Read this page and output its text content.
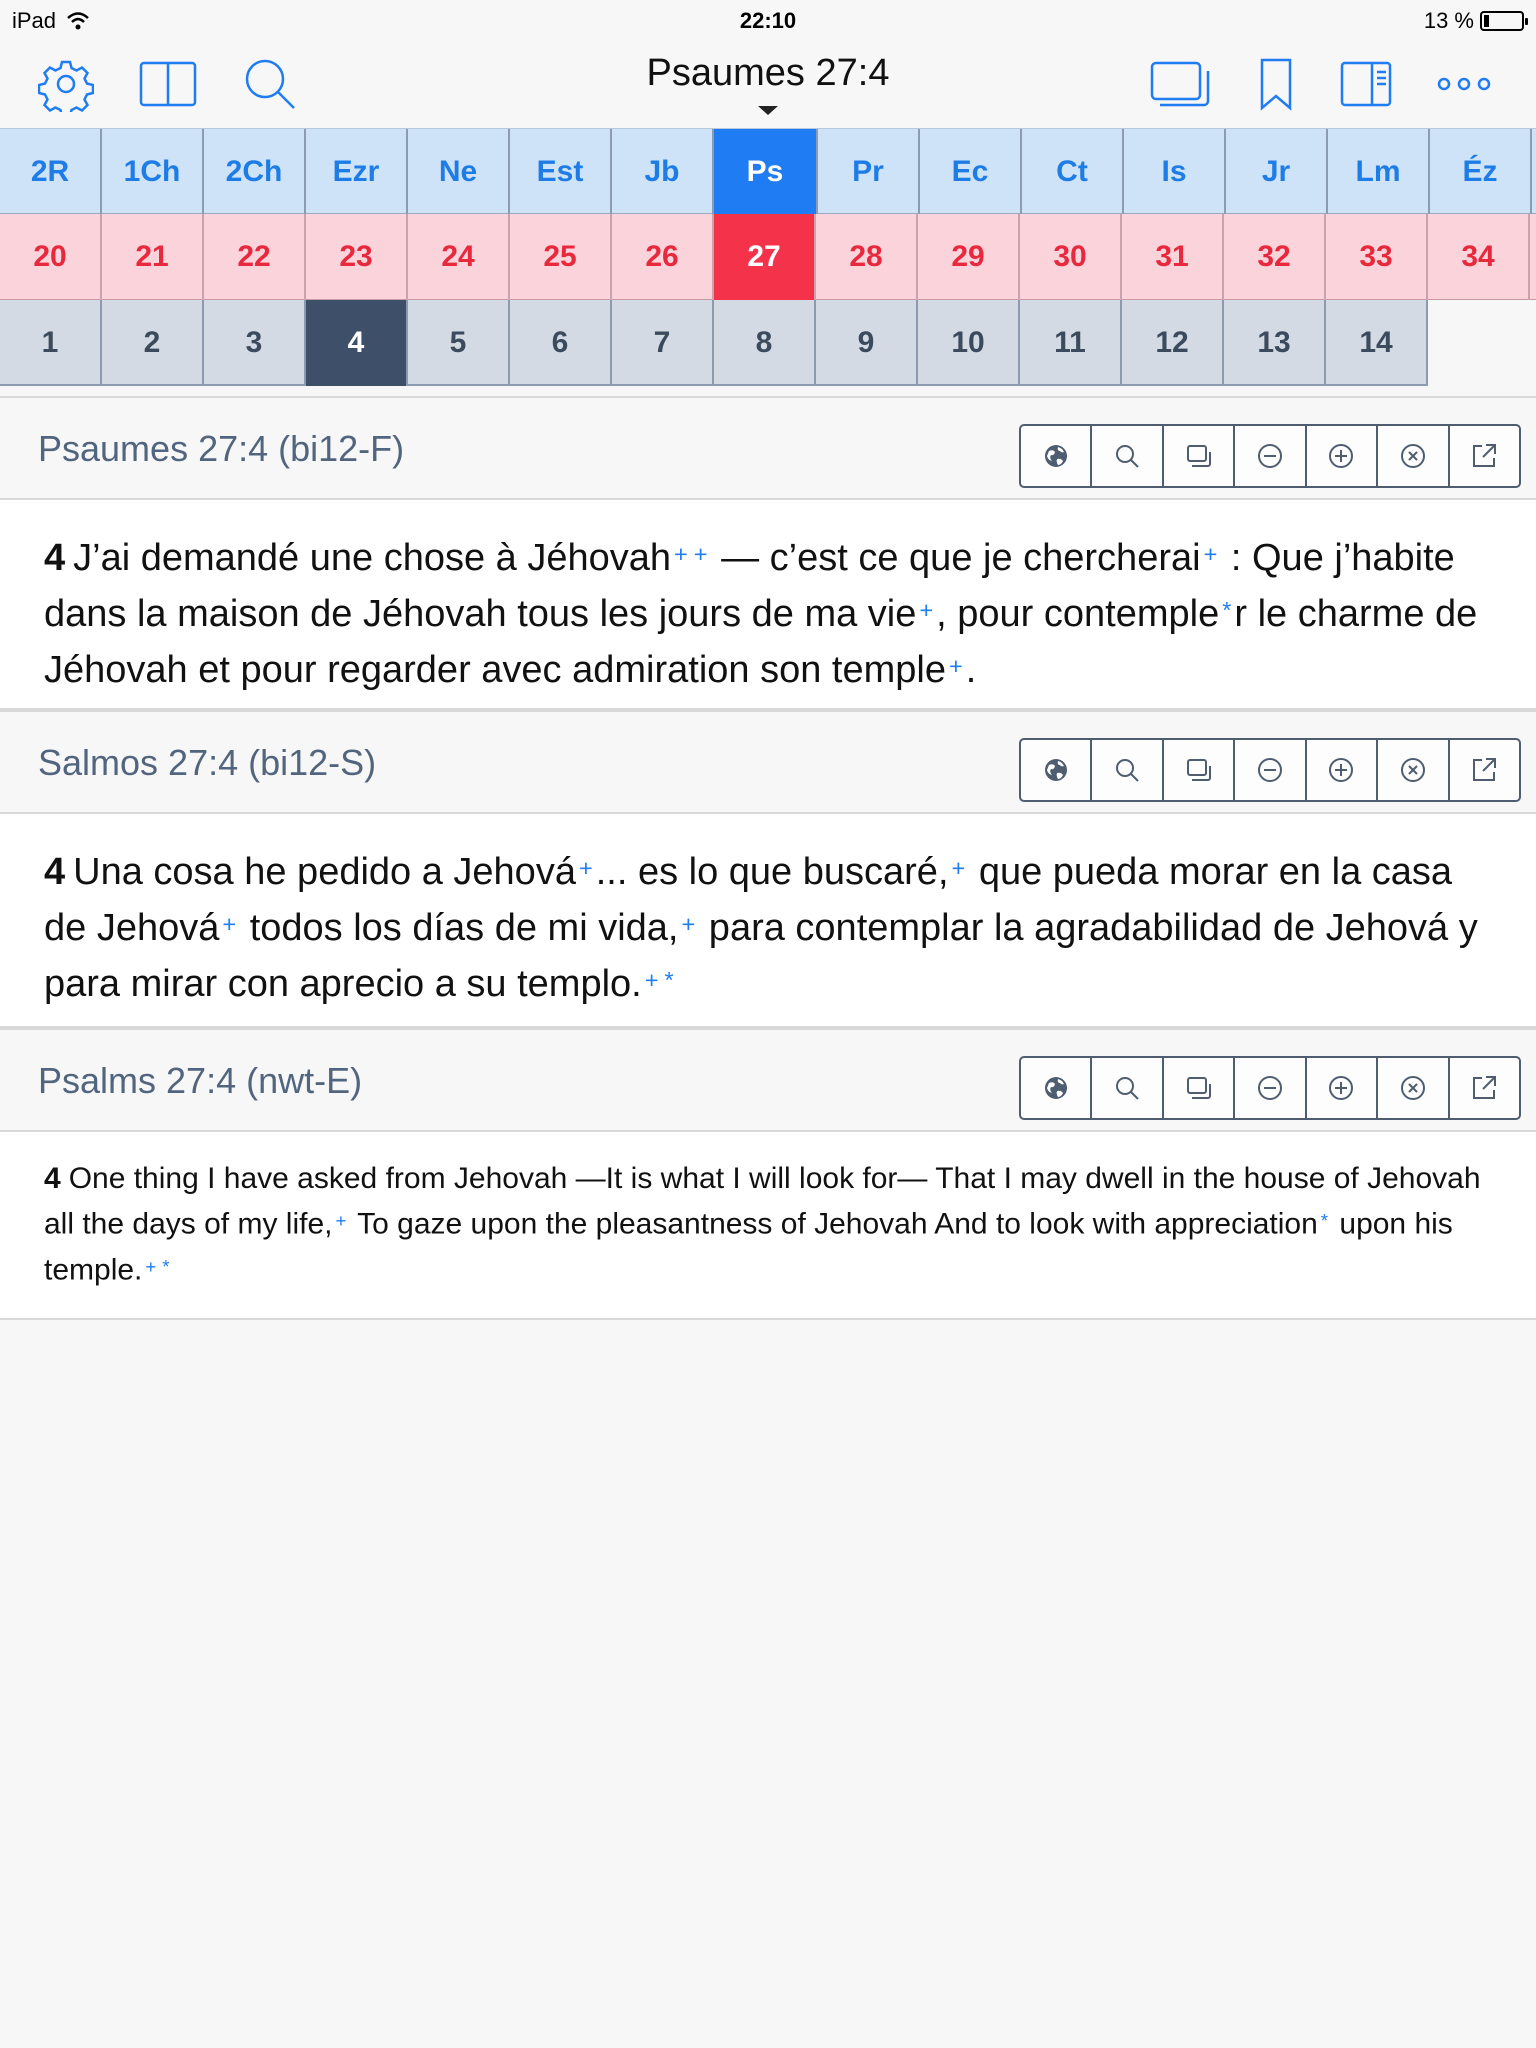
iPad	22:10	13 %
Psaumes 27:4
2R	1Ch	2Ch	Ezr	Ne	Est	Jb	Ps	Pr	Ec	Ct	Is	Jr	Lm	Éz
20	21	22	23	24	25	26	27	28	29	30	31	32	33	34
1	2	3	4	5	6	7	8	9	10	11	12	13	14
Psaumes 27:4 (bi12-F)
4 J’ai demandé une chose à Jéhovah + + — c’est ce que je chercherai + : Que j’habite dans la maison de Jéhovah tous les jours de ma vie +, pour contemple *r le charme de Jéhovah et pour regarder avec admiration son temple +.
Salmos 27:4 (bi12-S)
4 Una cosa he pedido a Jehová +... es lo que buscaré, + que pueda morar en la casa de Jehová + todos los días de mi vida, + para contemplar la agradabilidad de Jehová y para mirar con aprecio a su templo. + *
Psalms 27:4 (nwt-E)
4 One thing I have asked from Jehovah —It is what I will look for— That I may dwell in the house of Jehovah all the days of my life, + To gaze upon the pleasantness of Jehovah And to look with appreciation * upon his temple. + *
